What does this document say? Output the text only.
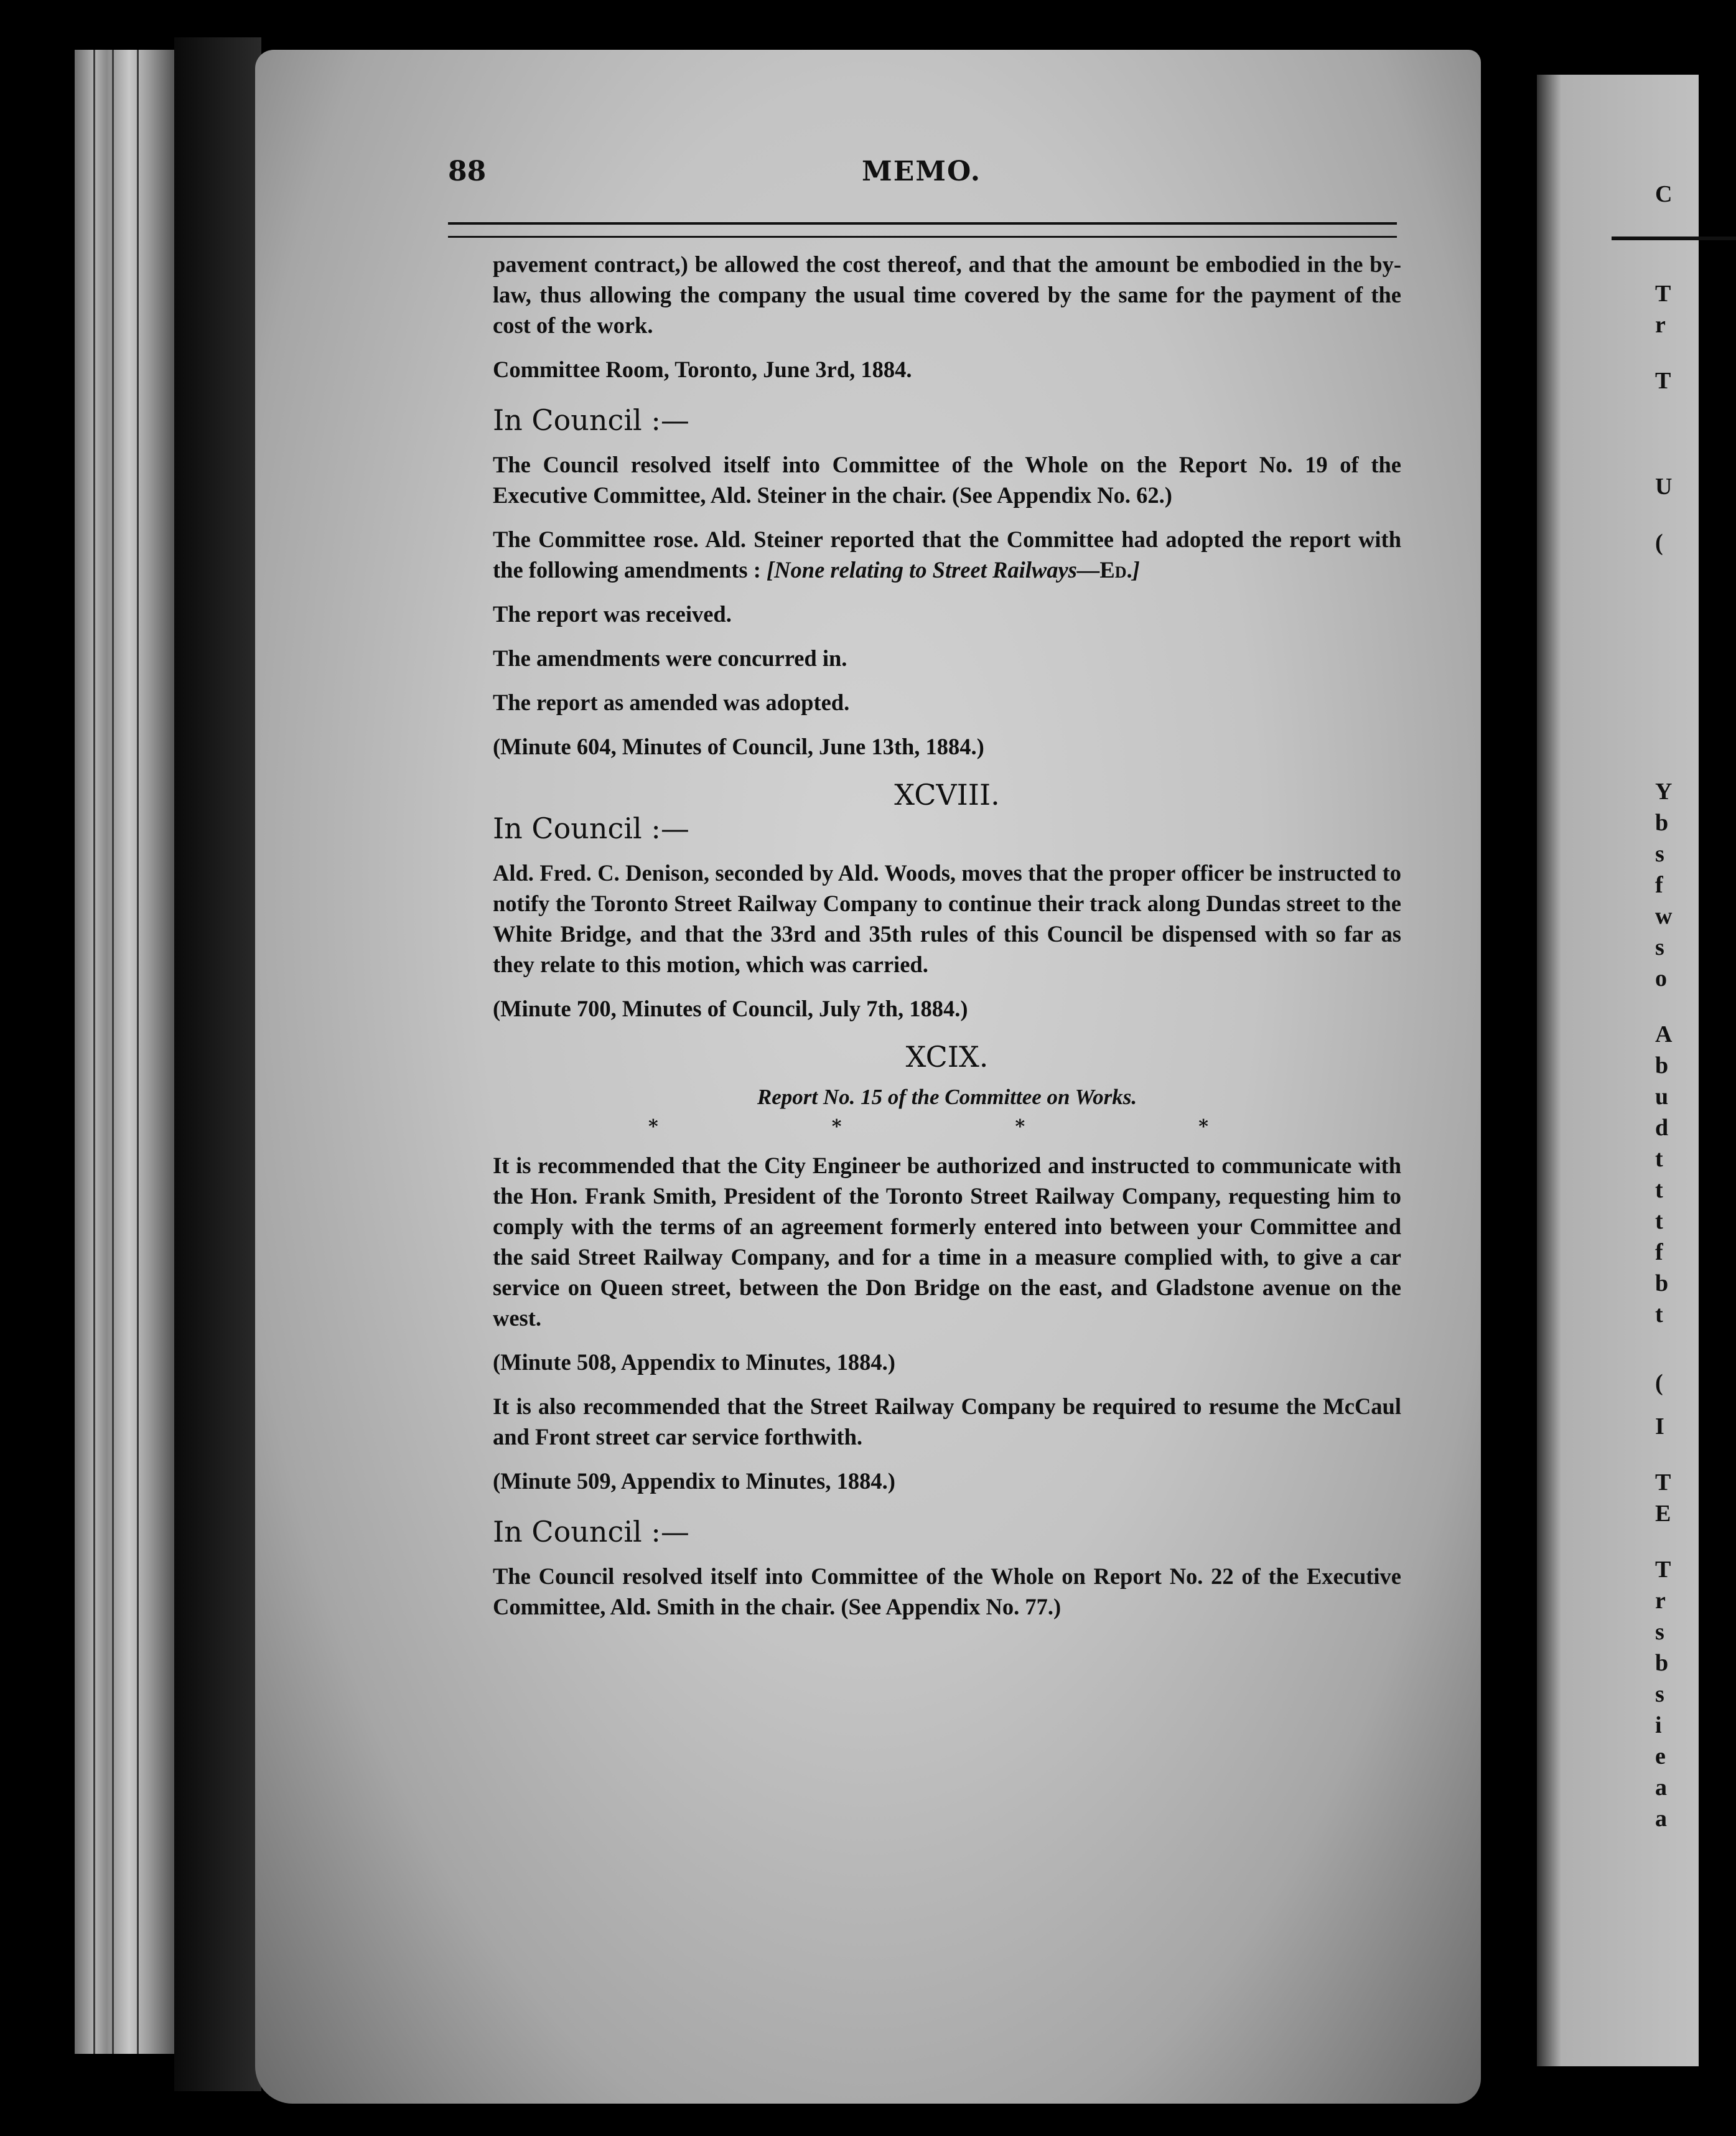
C
T
r
T
U
(
Y
b
s
f
w
s
o
A
b
u
d
t
t
t
f
b
t
(
I
T
E
T
r
s
b
s
i
e
a
a
88	MEMO.

pavement contract,) be allowed the cost thereof, and that the amount be embodied in the by-law, thus allowing the company the usual time covered by the same for the payment of the cost of the work.

Committee Room, Toronto, June 3rd, 1884.

In Council :—

The Council resolved itself into Committee of the Whole on the Report No. 19 of the Executive Committee, Ald. Steiner in the chair. (See Appendix No. 62.)

The Committee rose. Ald. Steiner reported that the Committee had adopted the report with the following amendments : [None relating to Street Railways—Ed.]

The report was received.

The amendments were concurred in.

The report as amended was adopted.

(Minute 604, Minutes of Council, June 13th, 1884.)

XCVIII.
In Council :—

Ald. Fred. C. Denison, seconded by Ald. Woods, moves that the proper officer be instructed to notify the Toronto Street Railway Company to continue their track along Dundas street to the White Bridge, and that the 33rd and 35th rules of this Council be dispensed with so far as they relate to this motion, which was carried.

(Minute 700, Minutes of Council, July 7th, 1884.)

XCIX.
Report No. 15 of the Committee on Works.
*	*	*	*

It is recommended that the City Engineer be authorized and instructed to communicate with the Hon. Frank Smith, President of the Toronto Street Railway Company, requesting him to comply with the terms of an agreement formerly entered into between your Committee and the said Street Railway Company, and for a time in a measure complied with, to give a car service on Queen street, between the Don Bridge on the east, and Gladstone avenue on the west.

(Minute 508, Appendix to Minutes, 1884.)

It is also recommended that the Street Railway Company be required to resume the McCaul and Front street car service forthwith.

(Minute 509, Appendix to Minutes, 1884.)

In Council :—

The Council resolved itself into Committee of the Whole on Report No. 22 of the Executive Committee, Ald. Smith in the chair. (See Appendix No. 77.)
